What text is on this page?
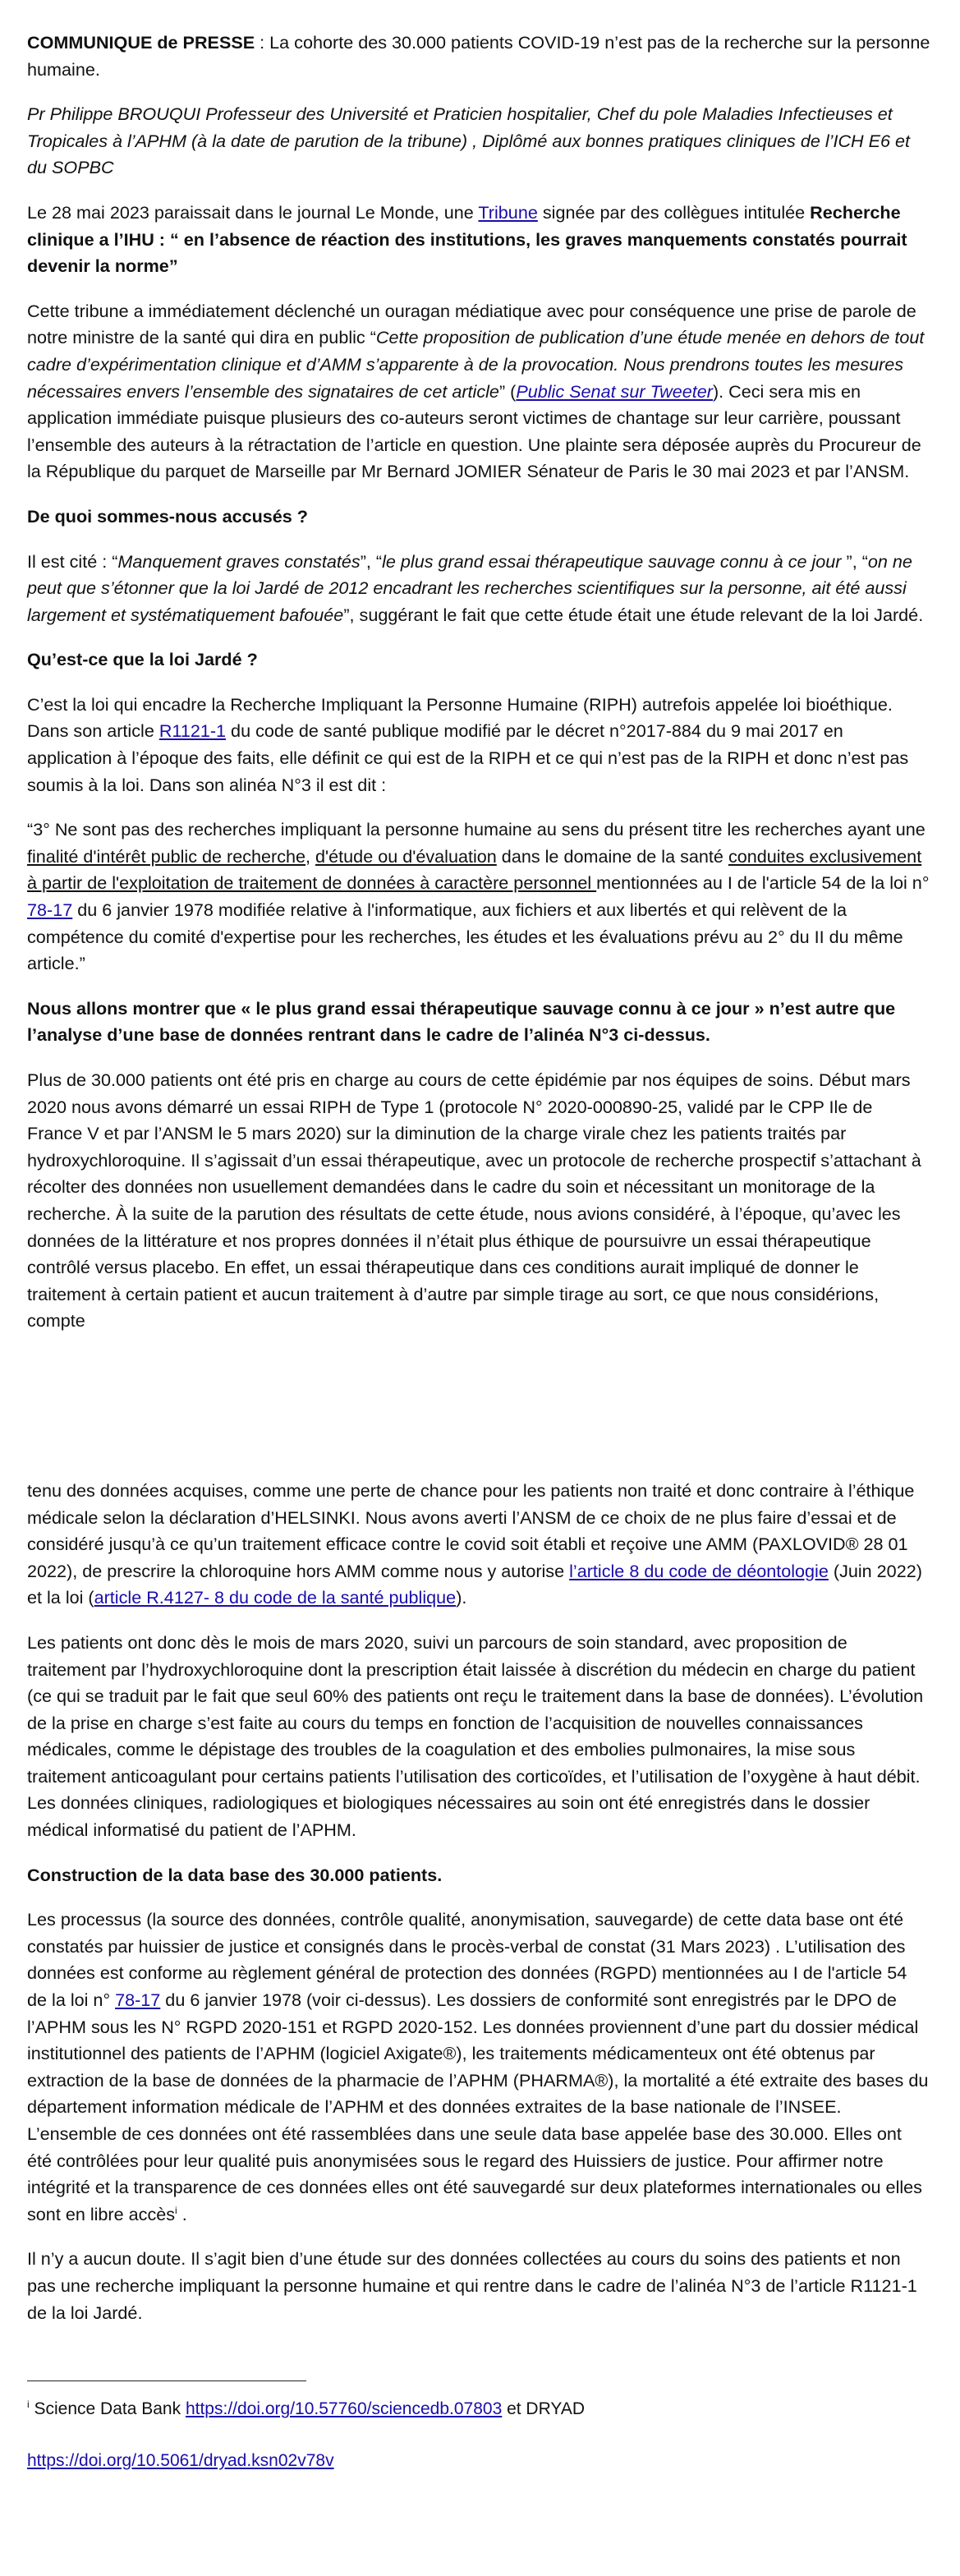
COMMUNIQUE de PRESSE : La cohorte des 30.000 patients COVID-19 n’est pas de la recherche sur la personne humaine.

Pr Philippe BROUQUI Professeur des Université et Praticien hospitalier, Chef du pole Maladies Infectieuses et Tropicales à l’APHM (à la date de parution de la tribune) , Diplômé aux bonnes pratiques cliniques de l’ICH E6 et du SOPBC

Le 28 mai 2023 paraissait dans le journal Le Monde, une Tribune signée par des collègues intitulée Recherche clinique a l’IHU : “ en l’absence de réaction des institutions, les graves manquements constatés pourrait devenir la norme”

Cette tribune a immédiatement déclenché un ouragan médiatique avec pour conséquence une prise de parole de notre ministre de la santé qui dira en public “Cette proposition de publication d’une étude menée en dehors de tout cadre d’expérimentation clinique et d’AMM s’apparente à de la provocation. Nous prendrons toutes les mesures nécessaires envers l’ensemble des signataires de cet article” (Public Senat sur Tweeter). Ceci sera mis en application immédiate puisque plusieurs des co-auteurs seront victimes de chantage sur leur carrière, poussant l’ensemble des auteurs à la rétractation de l’article en question. Une plainte sera déposée auprès du Procureur de la République du parquet de Marseille par Mr Bernard JOMIER Sénateur de Paris le 30 mai 2023 et par l’ANSM.

De quoi sommes-nous accusés ?

Il est cité : “Manquement graves constatés”, “le plus grand essai thérapeutique sauvage connu à ce jour ”, “on ne peut que s’étonner que la loi Jardé de 2012 encadrant les recherches scientifiques sur la personne, ait été aussi largement et systématiquement bafouée”, suggérant le fait que cette étude était une étude relevant de la loi Jardé.

Qu’est-ce que la loi Jardé ?

C’est la loi qui encadre la Recherche Impliquant la Personne Humaine (RIPH) autrefois appelée loi bioéthique. Dans son article R1121-1 du code de santé publique modifié par le décret n°2017-884 du 9 mai 2017 en application à l’époque des faits, elle définit ce qui est de la RIPH et ce qui n’est pas de la RIPH et donc n’est pas soumis à la loi. Dans son alinéa N°3 il est dit :

“3° Ne sont pas des recherches impliquant la personne humaine au sens du présent titre les recherches ayant une finalité d'intérêt public de recherche, d'étude ou d'évaluation dans le domaine de la santé conduites exclusivement à partir de l'exploitation de traitement de données à caractère personnel mentionnées au I de l'article 54 de la loi n° 78-17 du 6 janvier 1978 modifiée relative à l'informatique, aux fichiers et aux libertés et qui relèvent de la compétence du comité d'expertise pour les recherches, les études et les évaluations prévu au 2° du II du même article.”

Nous allons montrer que « le plus grand essai thérapeutique sauvage connu à ce jour » n’est autre que l’analyse d’une base de données rentrant dans le cadre de l’alinéa N°3 ci-dessus.

Plus de 30.000 patients ont été pris en charge au cours de cette épidémie par nos équipes de soins. Début mars 2020 nous avons démarré un essai RIPH de Type 1 (protocole N° 2020-000890-25, validé par le CPP Ile de France V et par l’ANSM le 5 mars 2020) sur la diminution de la charge virale chez les patients traités par hydroxychloroquine. Il s’agissait d’un essai thérapeutique, avec un protocole de recherche prospectif s’attachant à récolter des données non usuellement demandées dans le cadre du soin et nécessitant un monitorage de la recherche. À la suite de la parution des résultats de cette étude, nous avions considéré, à l’époque, qu’avec les données de la littérature et nos propres données il n’était plus éthique de poursuivre un essai thérapeutique contrôlé versus placebo. En effet, un essai thérapeutique dans ces conditions aurait impliqué de donner le traitement à certain patient et aucun traitement à d’autre par simple tirage au sort, ce que nous considérions, compte

tenu des données acquises, comme une perte de chance pour les patients non traité et donc contraire à l’éthique médicale selon la déclaration d’HELSINKI. Nous avons averti l’ANSM de ce choix de ne plus faire d’essai et de considéré jusqu’à ce qu’un traitement efficace contre le covid soit établi et reçoive une AMM (PAXLOVID® 28 01 2022), de prescrire la chloroquine hors AMM comme nous y autorise l’article 8 du code de déontologie (Juin 2022) et la loi (article R.4127- 8 du code de la santé publique).

Les patients ont donc dès le mois de mars 2020, suivi un parcours de soin standard, avec proposition de traitement par l’hydroxychloroquine dont la prescription était laissée à discrétion du médecin en charge du patient (ce qui se traduit par le fait que seul 60% des patients ont reçu le traitement dans la base de données). L’évolution de la prise en charge s’est faite au cours du temps en fonction de l’acquisition de nouvelles connaissances médicales, comme le dépistage des troubles de la coagulation et des embolies pulmonaires, la mise sous traitement anticoagulant pour certains patients l’utilisation des corticoïdes, et l’utilisation de l’oxygène à haut débit. Les données cliniques, radiologiques et biologiques nécessaires au soin ont été enregistrés dans le dossier médical informatisé du patient de l’APHM.

Construction de la data base des 30.000 patients.

Les processus (la source des données, contrôle qualité, anonymisation, sauvegarde) de cette data base ont été constatés par huissier de justice et consignés dans le procès-verbal de constat (31 Mars 2023) . L’utilisation des données est conforme au règlement général de protection des données (RGPD) mentionnées au I de l'article 54 de la loi n° 78-17 du 6 janvier 1978 (voir ci-dessus). Les dossiers de conformité sont enregistrés par le DPO de l’APHM sous les N° RGPD 2020-151 et RGPD 2020-152. Les données proviennent d’une part du dossier médical institutionnel des patients de l’APHM (logiciel Axigate®), les traitements médicamenteux ont été obtenus par extraction de la base de données de la pharmacie de l’APHM (PHARMA®), la mortalité a été extraite des bases du département information médicale de l’APHM et des données extraites de la base nationale de l’INSEE. L’ensemble de ces données ont été rassemblées dans une seule data base appelée base des 30.000. Elles ont été contrôlées pour leur qualité puis anonymisées sous le regard des Huissiers de justice. Pour affirmer notre intégrité et la transparence de ces données elles ont été sauvegardé sur deux plateformes internationales ou elles sont en libre accès$^i$ .

Il n’y a aucun doute. Il s’agit bien d’une étude sur des données collectées au cours du soins des patients et non pas une recherche impliquant la personne humaine et qui rentre dans le cadre de l’alinéa N°3 de l’article R1121-1 de la loi Jardé.

$^i$ Science Data Bank https://doi.org/10.57760/sciencedb.07803 et DRYAD

https://doi.org/10.5061/dryad.ksn02v78v
